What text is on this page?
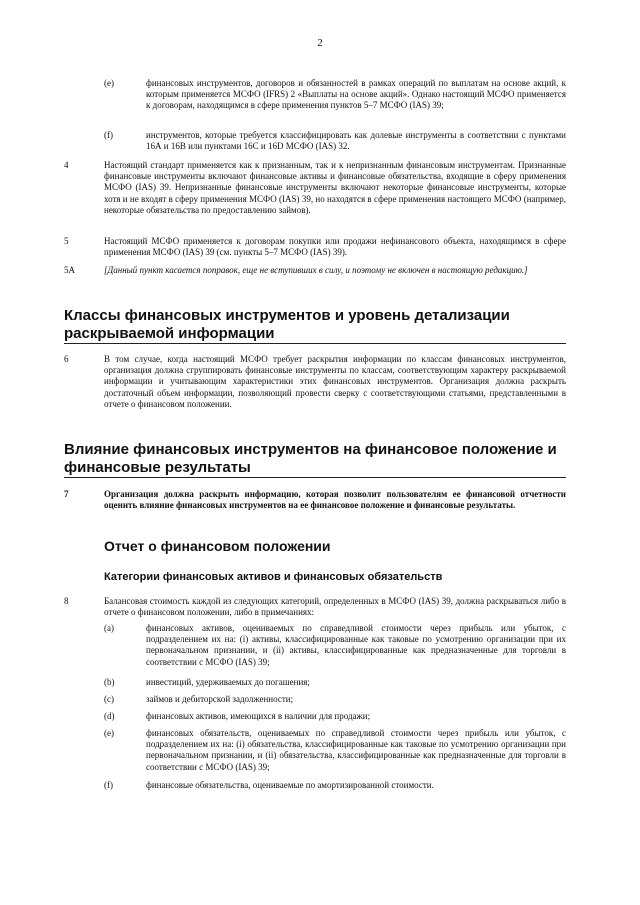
2
(e)	финансовых инструментов, договоров и обязанностей в рамках операций по выплатам на основе акций, к которым применяется МСФО (IFRS) 2 «Выплаты на основе акций». Однако настоящий МСФО применяется к договорам, находящимся в сфере применения пунктов 5–7 МСФО (IAS) 39;
(f)	инструментов, которые требуется классифицировать как долевые инструменты в соответствии с пунктами 16А и 16В или пунктами 16С и 16D МСФО (IAS) 32.
4	Настоящий стандарт применяется как к признанным, так и к непризнанным финансовым инструментам. Признанные финансовые инструменты включают финансовые активы и финансовые обязательства, входящие в сферу применения МСФО (IAS) 39. Непризнанные финансовые инструменты включают некоторые финансовые инструменты, которые хотя и не входят в сферу применения МСФО (IAS) 39, но находятся в сфере применения настоящего МСФО (например, некоторые обязательства по предоставлению займов).
5	Настоящий МСФО применяется к договорам покупки или продажи нефинансового объекта, находящимся в сфере применения МСФО (IAS) 39 (см. пункты 5–7 МСФО (IAS) 39).
5А	[Данный пункт касается поправок, еще не вступивших в силу, и поэтому не включен в настоящую редакцию.]
Классы финансовых инструментов и уровень детализации раскрываемой информации
6	В том случае, когда настоящий МСФО требует раскрытия информации по классам финансовых инструментов, организация должна сгруппировать финансовые инструменты по классам, соответствующим характеру раскрываемой информации и учитывающим характеристики этих финансовых инструментов. Организация должна раскрыть достаточный объем информации, позволяющий провести сверку с соответствующими статьями, представленными в отчете о финансовом положении.
Влияние финансовых инструментов на финансовое положение и финансовые результаты
7	Организация должна раскрыть информацию, которая позволит пользователям ее финансовой отчетности оценить влияние финансовых инструментов на ее финансовое положение и финансовые результаты.
Отчет о финансовом положении
Категории финансовых активов и финансовых обязательств
8	Балансовая стоимость каждой из следующих категорий, определенных в МСФО (IAS) 39, должна раскрываться либо в отчете о финансовом положении, либо в примечаниях:
(a)	финансовых активов, оцениваемых по справедливой стоимости через прибыль или убыток, с подразделением их на: (i) активы, классифицированные как таковые по усмотрению организации при их первоначальном признании, и (ii) активы, классифицированные как предназначенные для торговли в соответствии с МСФО (IAS) 39;
(b)	инвестиций, удерживаемых до погашения;
(c)	займов и дебиторской задолженности;
(d)	финансовых активов, имеющихся в наличии для продажи;
(e)	финансовых обязательств, оцениваемых по справедливой стоимости через прибыль или убыток, с подразделением их на: (i) обязательства, классифицированные как таковые по усмотрению организации при первоначальном признании, и (ii) обязательства, классифицированные как предназначенные для торговли в соответствии с МСФО (IAS) 39;
(f)	финансовые обязательства, оцениваемые по амортизированной стоимости.
